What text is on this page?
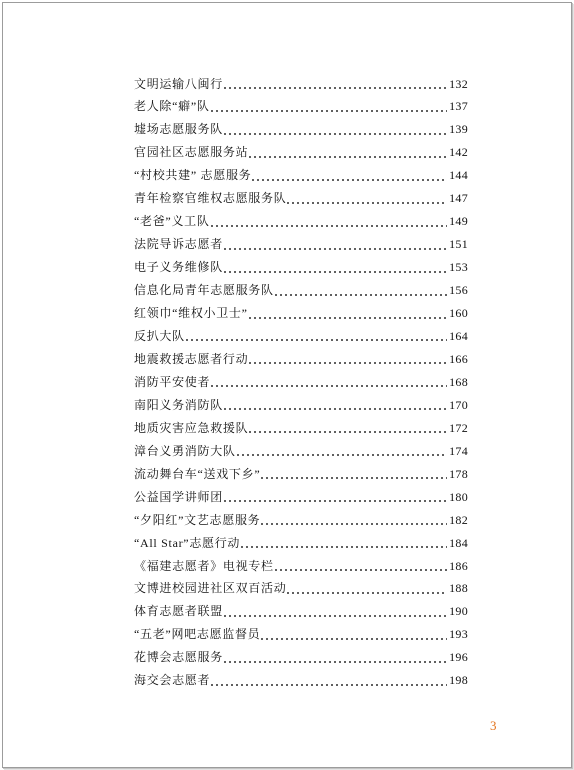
文明运输八闽行	132
老人除“癖”队	137
墟场志愿服务队	139
官园社区志愿服务站	142
“村校共建” 志愿服务	144
青年检察官维权志愿服务队	147
“老爸”义工队	149
法院导诉志愿者	151
电子义务维修队	153
信息化局青年志愿服务队	156
红领巾“维权小卫士”	160
反扒大队	164
地震救援志愿者行动	166
消防平安使者	168
南阳义务消防队	170
地质灾害应急救援队	172
漳台义勇消防大队	174
流动舞台车“送戏下乡”	178
公益国学讲师团	180
“夕阳红”文艺志愿服务	182
“All Star”志愿行动	184
《福建志愿者》电视专栏	186
文博进校园进社区双百活动	188
体育志愿者联盟	190
“五老”网吧志愿监督员	193
花博会志愿服务	196
海交会志愿者	198
3
